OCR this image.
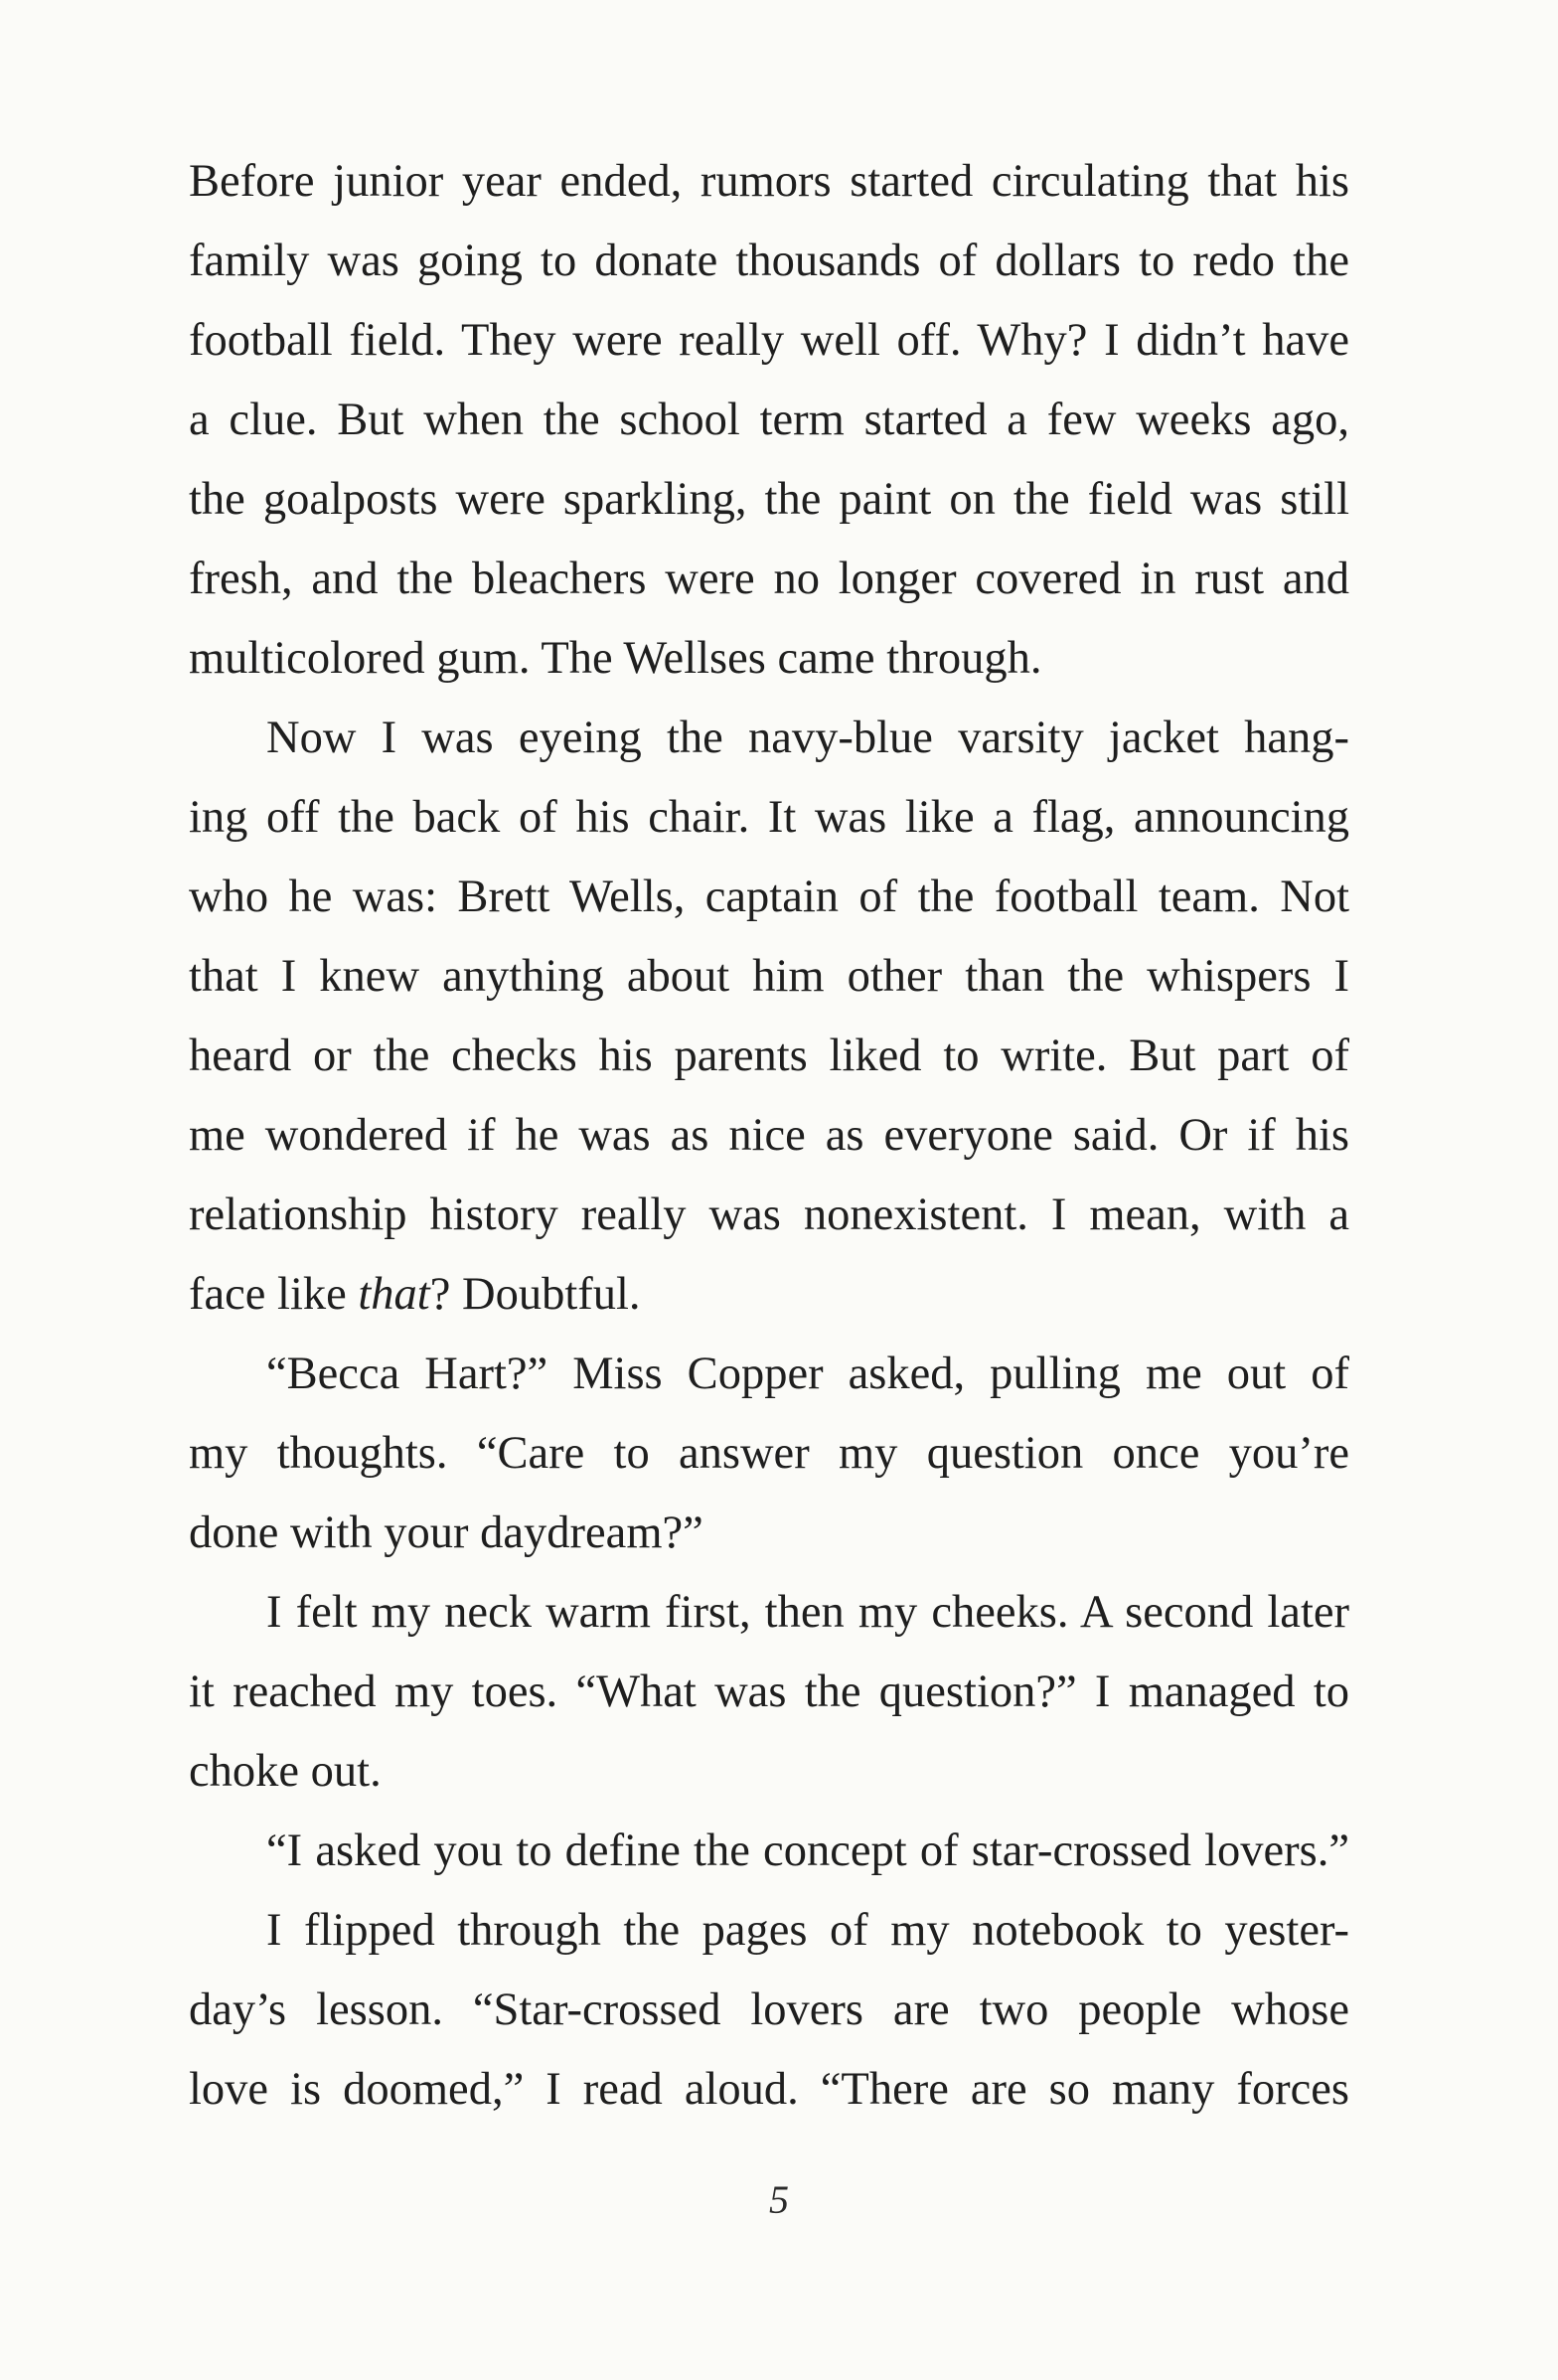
Before junior year ended, rumors started circulating that his
family was going to donate thousands of dollars to redo the
football field. They were really well off. Why? I didn’t have
a clue. But when the school term started a few weeks ago,
the goalposts were sparkling, the paint on the field was still
fresh, and the bleachers were no longer covered in rust and
multicolored gum. The Wellses came through.
Now I was eyeing the navy-blue varsity jacket hang-
ing off the back of his chair. It was like a flag, announcing
who he was: Brett Wells, captain of the football team. Not
that I knew anything about him other than the whispers I
heard or the checks his parents liked to write. But part of
me wondered if he was as nice as everyone said. Or if his
relationship history really was nonexistent. I mean, with a
face like that? Doubtful.
“Becca Hart?” Miss Copper asked, pulling me out of
my thoughts. “Care to answer my question once you’re
done with your daydream?”
I felt my neck warm first, then my cheeks. A second later
it reached my toes. “What was the question?” I managed to
choke out.
“I asked you to define the concept of star-crossed lovers.”
I flipped through the pages of my notebook to yester-
day’s lesson. “Star-crossed lovers are two people whose
love is doomed,” I read aloud. “There are so many forces
5
